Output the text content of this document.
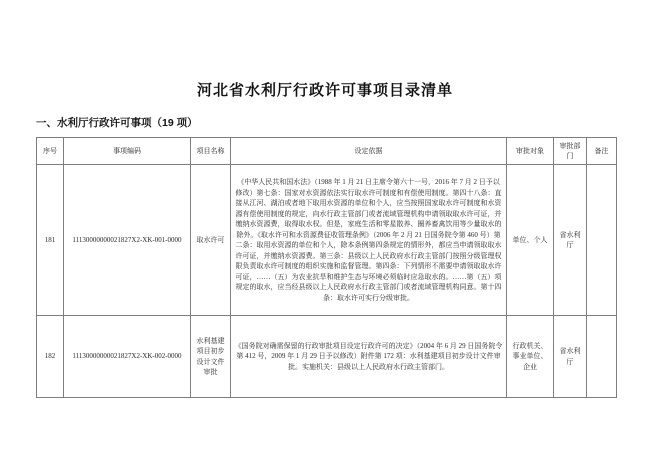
河北省水利厅行政许可事项目录清单
一、水利厅行政许可事项（19 项）
序号	事项编码	项目名称	设定依据	审批对象	审批部门	备注
181	11130000000021827X2-XK-001-0000	取水许可	《中华人民共和国水法》（1988 年 1 月 21 日主席令第六十一号，2016 年 7 月 2 日予以修改）第七条：国家对水资源依法实行取水许可制度和有偿使用制度。第四十八条：直接从江河、湖泊或者地下取用水资源的单位和个人，应当按照国家取水许可制度和水资源有偿使用制度的规定，向水行政主管部门或者流域管理机构申请领取取水许可证，并缴纳水资源费，取得取水权。但是，家庭生活和零星散养、圈养畜禽饮用等少量取水的除外。《取水许可和水资源费征收管理条例》（2006 年 2 月 21 日国务院令第 460 号）第二条：取用水资源的单位和个人，除本条例第四条规定的情形外，都应当申请领取取水许可证，并缴纳水资源费。第三条：县级以上人民政府水行政主管部门按照分级管理权限负责取水许可制度的组织实施和监督管理。第四条：下列情形不需要申请领取取水许可证，……（五）为农业抗旱和维护生态与环境必须临时应急取水的。……第（五）项规定的取水，应当经县级以上人民政府水行政主管部门或者流域管理机构同意。第十四条：取水许可实行分级审批。	单位、个人	省水利厅	
182	11130000000021827X2-XK-002-0000	水利基建项目初步设计文件审批	《国务院对确需保留的行政审批项目设定行政许可的决定》（2004 年 6 月 29 日国务院令第 412 号，2009 年 1 月 29 日予以修改）附件第 172 项：水利基建项目初步设计文件审批。实施机关：县级以上人民政府水行政主管部门。	行政机关、事业单位、企业	省水利厅	
